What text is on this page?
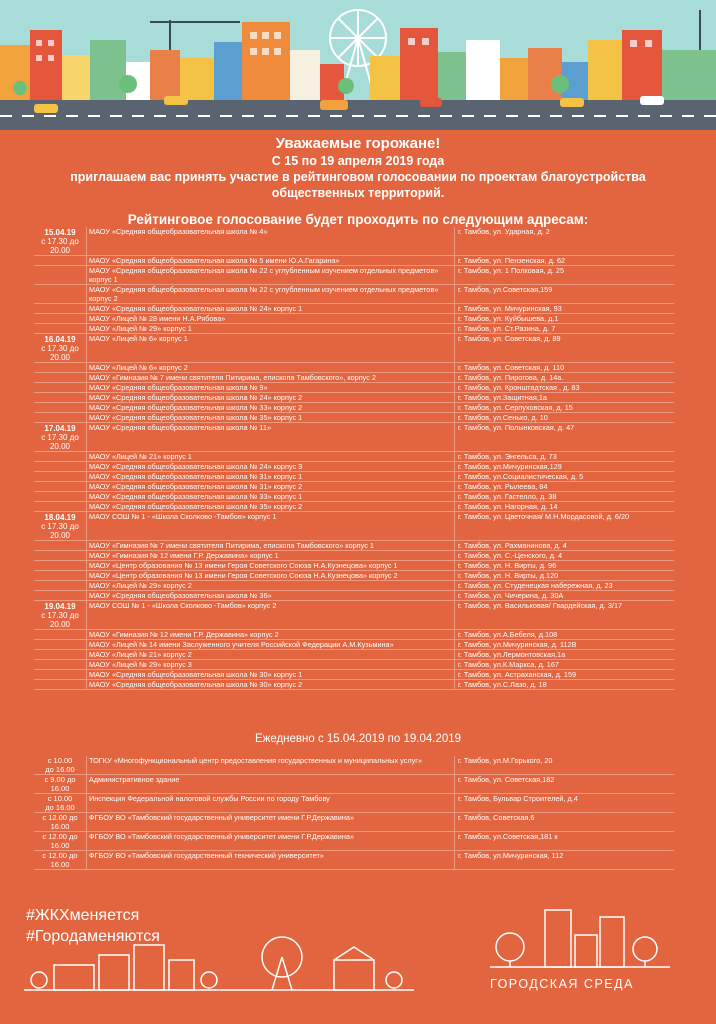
Уважаемые горожане!
С 15 по 19 апреля 2019 года
приглашаем вас принять участие в рейтинговом голосовании по проектам благоустройства
общественных территорий.
Рейтинговое голосование будет проходить по следующим адресам:
15.04.19
с 17.30 до
20.00
МАОУ «Средняя общеобразовательная школа № 4»	г. Тамбов, ул. Ударная, д. 2
МАОУ «Средняя общеобразовательная школа № 5 имени Ю.А.Гагарина»	г. Тамбов, ул. Пензенская, д. 62
МАОУ «Средняя общеобразовательная школа № 22 с углубленным изучением отдельных предметов» корпус 1
г. Тамбов, ул. 1 Полковая, д. 25
МАОУ «Средняя общеобразовательная школа № 22 с углубленным изучением отдельных предметов» корпус 2
г. Тамбов, ул.Советская,159
МАОУ «Средняя общеобразовательная школа № 24» корпус 1	г. Тамбов, ул. Мичуринская, 93
МАОУ «Лицей № 28 имени Н.А.Рябова»	г. Тамбов, ул. Куйбышева, д.1
МАОУ «Лицей № 29» корпус 1	г. Тамбов, ул. Ст.Разина, д. 7
16.04.19
с 17.30 до
20.00
МАОУ «Лицей № 6» корпус 1	г. Тамбов, ул. Советская, д. 89
МАОУ «Лицей № 6» корпус 2	г. Тамбов, ул. Советская, д. 110
МАОУ «Гимназия № 7 имени святителя Питирима, епископа Тамбовского», корпус 2	г. Тамбов, ул. Пирогова, д. 14а.
МАОУ «Средняя общеобразовательная школа № 9»	г. Тамбов, ул. Кронштадтская , д. 83
МАОУ «Средняя общеобразовательная школа № 24» корпус 2	г. Тамбов, ул.Защитная,1а
МАОУ «Средняя общеобразовательная школа № 33» корпус 2	г. Тамбов, ул. Серпуховская, д. 15
МАОУ «Средняя общеобразовательная школа № 35» корпус 1	г. Тамбов, ул.Сенько, д. 10
17.04.19
с 17.30 до
20.00
МАОУ «Средняя общеобразовательная школа № 11»	г. Тамбов, ул. Полынковская, д. 47
МАОУ «Лицей № 21» корпус 1	г. Тамбов, ул. Энгельса, д. 73
МАОУ «Средняя общеобразовательная школа № 24» корпус 3	г. Тамбов, ул.Мичуринская,129
МАОУ «Средняя общеобразовательная школа № 31» корпус 1	г. Тамбов, ул.Социалистическая, д. 5
МАОУ «Средняя общеобразовательная школа № 31» корпус 2	г. Тамбов, ул. Рылеева, 84
МАОУ «Средняя общеобразовательная школа № 33» корпус 1	г. Тамбов, ул. Гастелло, д. 38
МАОУ «Средняя общеобразовательная школа № 35» корпус 2	г. Тамбов, ул. Нагорная, д. 14
18.04.19
с 17.30 до
20.00
МАОУ СОШ № 1 - «Школа Сколково -Тамбов» корпус 1	г. Тамбов, ул. Цветочная/ М.Н.Мордасовой, д. 6/20
МАОУ «Гимназия № 7 имени святителя Питирима, епископа Тамбовского» корпус 1	г. Тамбов, ул. Рахманинова, д. 4
МАОУ «Гимназия № 12 имени Г.Р. Державина» корпус 1	г. Тамбов, ул. С.-Ценского, д. 4
МАОУ «Центр образования № 13 имени Героя Советского Союза Н.А.Кузнецова» корпус 1	г. Тамбов, ул. Н. Вирты, д. 96
МАОУ «Центр образования № 13 имени Героя Советского Союза Н.А.Кузнецова» корпус 2	г. Тамбов, ул. Н. Вирты, д.120
МАОУ «Лицей № 29» корпус 2	г. Тамбов, ул. Студенецкая набережная, д. 23
МАОУ «Средняя общеобразовательная школа № 36»	г. Тамбов, ул. Чичерина, д. 30А
19.04.19
с 17.30 до
20.00
МАОУ СОШ № 1 - «Школа Сколково -Тамбов» корпус 2	г. Тамбов, ул. Васильковая/ Гвардейская, д. 3/17
МАОУ «Гимназия № 12 имени Г.Р. Державина» корпус 2	г. Тамбов, ул.А.Бебеля, д.108
МАОУ «Лицей № 14 имени Заслуженного учителя Российской Федерации А.М.Кузьмина»	г. Тамбов, ул.Мичуринская, д. 112В
МАОУ «Лицей № 21» корпус 2	г. Тамбов, ул.Лермонтовская,1а
МАОУ «Лицей № 29» корпус 3	г. Тамбов, ул.К.Маркса, д. 167
МАОУ «Средняя общеобразовательная школа № 30» корпус 1	г. Тамбов, ул. Астраханская, д. 159
МАОУ «Средняя общеобразовательная школа № 30» корпус 2	г. Тамбов, ул.С.Лазо, д. 18
Ежедневно с 15.04.2019 по 19.04.2019
с 10.00
до 16.00
ТОГКУ «Многофункциональный центр предоставления государственных и муниципальных услуг»	г. Тамбов, ул.М.Горького, 20
с 9.00 до
16.00
Административное здание	г. Тамбов, ул. Советская,182
с 10.00
до 16.00
Инспекция Федеральной налоговой службы России по городу Тамбову	г. Тамбов, Бульвар Строителей, д.4
с 12.00 до
16.00
ФГБОУ ВО «Тамбовский государственный университет имени Г.Р.Державина»	г. Тамбов, Советская,6
с 12.00 до
16.00
ФГБОУ ВО «Тамбовский государственный университет имени Г.Р.Державина»	г. Тамбов, ул.Советская,181 к
с 12.00 до
16.00
ФГБОУ ВО «Тамбовский государственный технический университет»	г. Тамбов, ул.Мичуринская, 112
#ЖКХменяется
#Городаменяются
ГОРОДСКАЯ СРЕДА
